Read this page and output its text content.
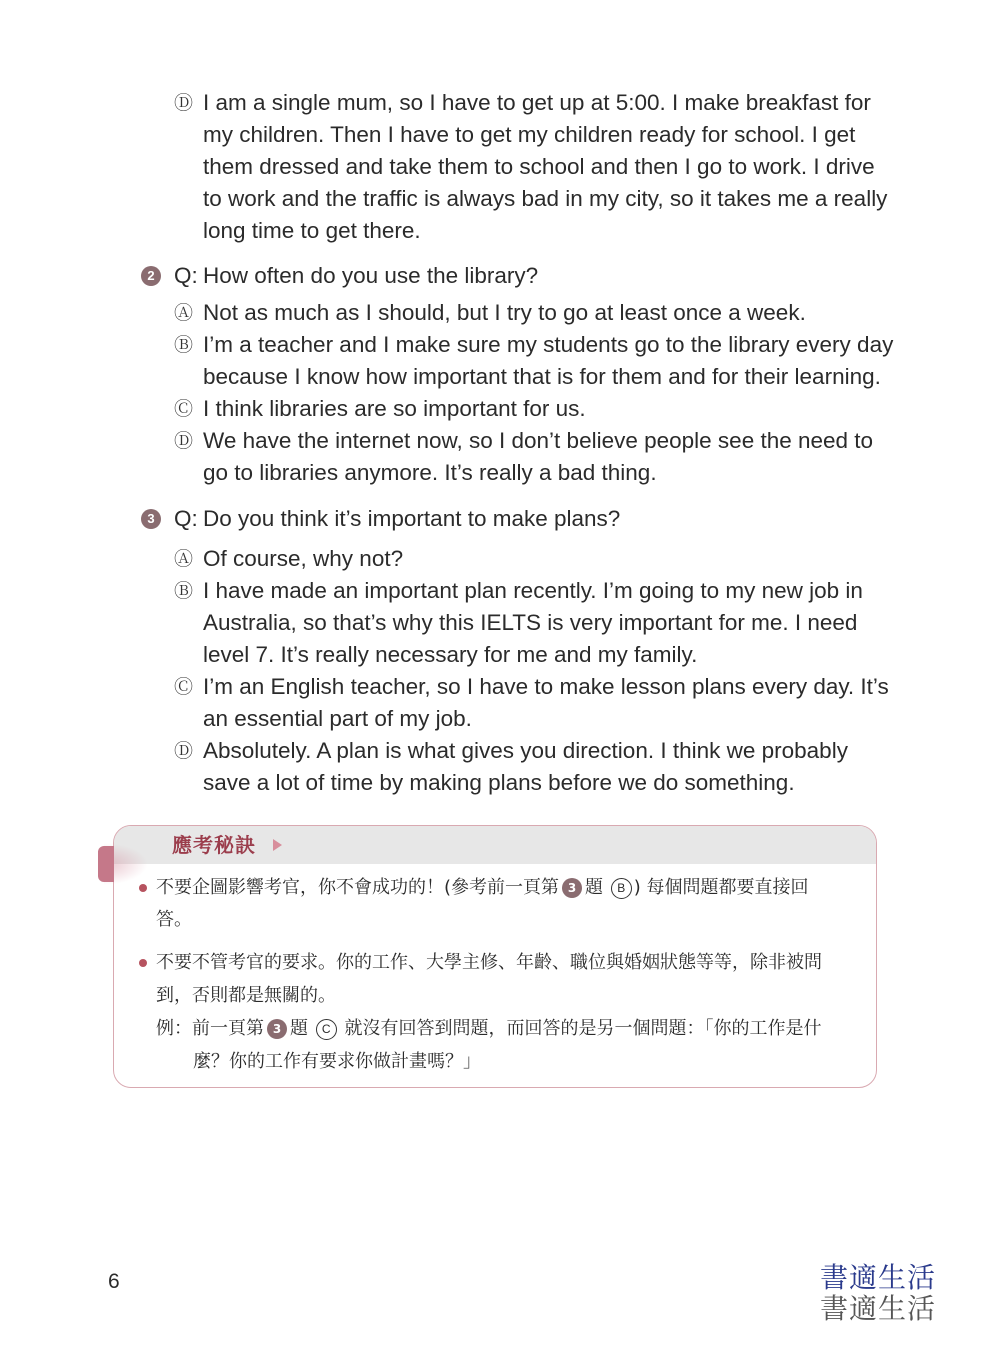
Ⓓ I am a single mum, so I have to get up at 5:00. I make breakfast for
my children. Then I have to get my children ready for school. I get
them dressed and take them to school and then I go to work. I drive
to work and the traffic is always bad in my city, so it takes me a really
long time to get there.
2 Q: How often do you use the library?
Ⓐ Not as much as I should, but I try to go at least once a week.
Ⓑ I’m a teacher and I make sure my students go to the library every day
because I know how important that is for them and for their learning.
Ⓒ I think libraries are so important for us.
Ⓓ We have the internet now, so I don’t believe people see the need to
go to libraries anymore. It’s really a bad thing.
3 Q: Do you think it’s important to make plans?
Ⓐ Of course, why not?
Ⓑ I have made an important plan recently. I’m going to my new job in
Australia, so that’s why this IELTS is very important for me. I need
level 7. It’s really necessary for me and my family.
Ⓒ I’m an English teacher, so I have to make lesson plans every day. It’s
an essential part of my job.
Ⓓ Absolutely. A plan is what gives you direction. I think we probably
save a lot of time by making plans before we do something.
應考秘訣
不要企圖影響考官，你不會成功的！(參考前一頁第 3 題 B ) 每個問題都要直接回
答。
不要不管考官的要求。你的工作、大學主修、年齡、職位與婚姻狀態等等，除非被問
到，否則都是無關的。
例：前一頁第 3 題 C 就沒有回答到問題，而回答的是另一個問題：「你的工作是什
麼？你的工作有要求你做計畫嗎？」
6	書適生活
書適生活
